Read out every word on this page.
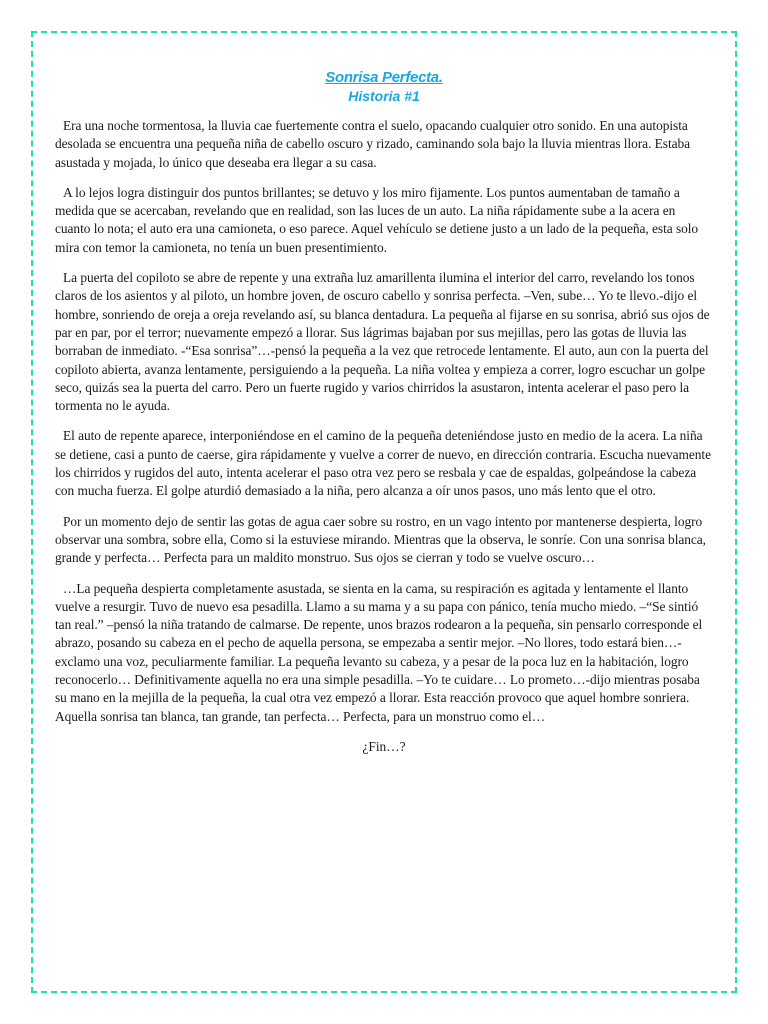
Sonrisa Perfecta.
Historia #1

Era una noche tormentosa, la lluvia cae fuertemente contra el suelo, opacando cualquier otro sonido. En una autopista desolada se encuentra una pequeña niña de cabello oscuro y rizado, caminando sola bajo la lluvia mientras llora. Estaba asustada y mojada, lo único que deseaba era llegar a su casa.

A lo lejos logra distinguir dos puntos brillantes; se detuvo y los miro fijamente. Los puntos aumentaban de tamaño a medida que se acercaban, revelando que en realidad, son las luces de un auto. La niña rápidamente sube a la acera en cuanto lo nota; el auto era una camioneta, o eso parece. Aquel vehículo se detiene justo a un lado de la pequeña, esta solo mira con temor la camioneta, no tenía un buen presentimiento.

La puerta del copiloto se abre de repente y una extraña luz amarillenta ilumina el interior del carro, revelando los tonos claros de los asientos y al piloto, un hombre joven, de oscuro cabello y sonrisa perfecta. –Ven, sube… Yo te llevo.-dijo el hombre, sonriendo de oreja a oreja revelando así, su blanca dentadura. La pequeña al fijarse en su sonrisa, abrió sus ojos de par en par, por el terror; nuevamente empezó a llorar. Sus lágrimas bajaban por sus mejillas, pero las gotas de lluvia las borraban de inmediato. -“Esa sonrisa”…-pensó la pequeña a la vez que retrocede lentamente. El auto, aun con la puerta del copiloto abierta, avanza lentamente, persiguiendo a la pequeña. La niña voltea y empieza a correr, logro escuchar un golpe seco, quizás sea la puerta del carro. Pero un fuerte rugido y varios chirridos la asustaron, intenta acelerar el paso pero la tormenta no le ayuda.

El auto de repente aparece, interponiéndose en el camino de la pequeña deteniéndose justo en medio de la acera. La niña se detiene, casi a punto de caerse, gira rápidamente y vuelve a correr de nuevo, en dirección contraria. Escucha nuevamente los chirridos y rugidos del auto, intenta acelerar el paso otra vez pero se resbala y cae de espaldas, golpeándose la cabeza con mucha fuerza. El golpe aturdió demasiado a la niña, pero alcanza a oír unos pasos, uno más lento que el otro.

Por un momento dejo de sentir las gotas de agua caer sobre su rostro, en un vago intento por mantenerse despierta, logro observar una sombra, sobre ella, Como si la estuviese mirando. Mientras que la observa, le sonríe. Con una sonrisa blanca, grande y perfecta… Perfecta para un maldito monstruo. Sus ojos se cierran y todo se vuelve oscuro…

…La pequeña despierta completamente asustada, se sienta en la cama, su respiración es agitada y lentamente el llanto vuelve a resurgir. Tuvo de nuevo esa pesadilla. Llamo a su mama y a su papa con pánico, tenía mucho miedo. –“Se sintió tan real.” –pensó la niña tratando de calmarse. De repente, unos brazos rodearon a la pequeña, sin pensarlo corresponde el abrazo, posando su cabeza en el pecho de aquella persona, se empezaba a sentir mejor. –No llores, todo estará bien…-exclamo una voz, peculiarmente familiar. La pequeña levanto su cabeza, y a pesar de la poca luz en la habitación, logro reconocerlo… Definitivamente aquella no era una simple pesadilla. –Yo te cuidare… Lo prometo…-dijo mientras posaba su mano en la mejilla de la pequeña, la cual otra vez empezó a llorar. Esta reacción provoco que aquel hombre sonriera. Aquella sonrisa tan blanca, tan grande, tan perfecta… Perfecta, para un monstruo como el…

¿Fin…?
